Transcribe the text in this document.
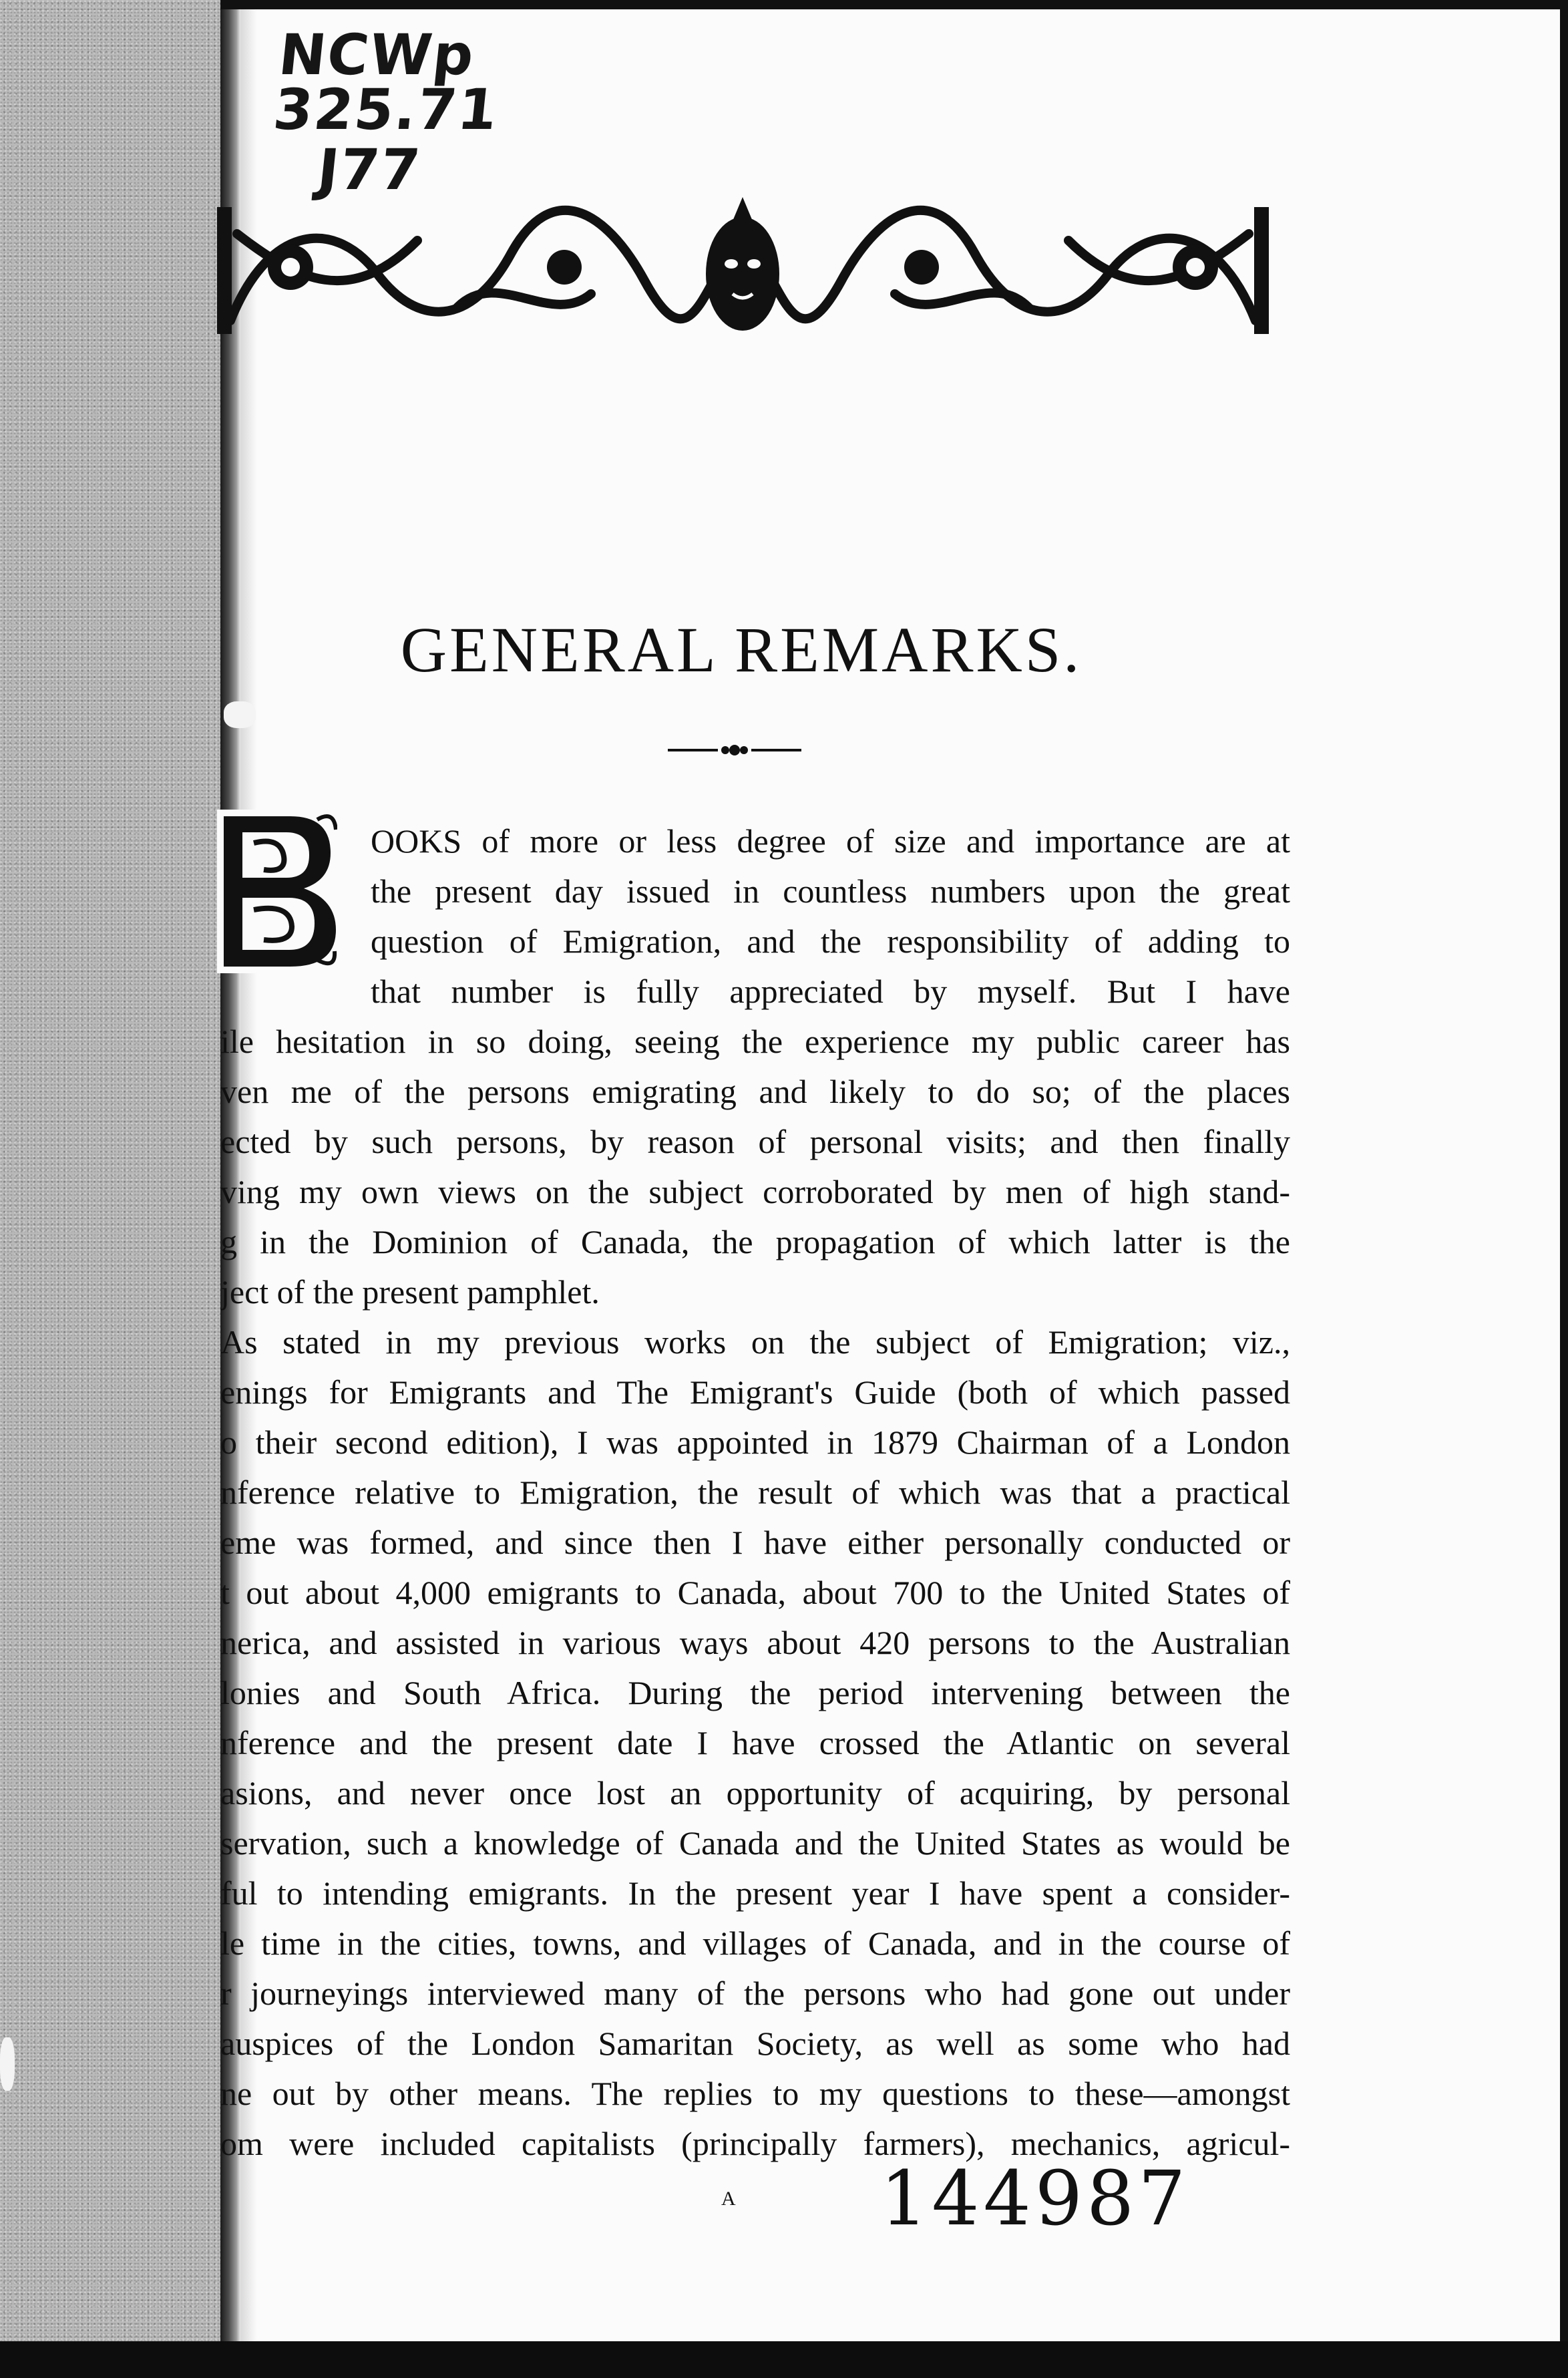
NCWp
325.71
J77
GENERAL REMARKS.
OOKS of more or less degree of size and importance are at
the present day issued in countless numbers upon the great
question of Emigration, and the responsibility of adding to
that number is fully appreciated by myself. But I have
ile hesitation in so doing, seeing the experience my public career has
ven me of the persons emigrating and likely to do so; of the places
ected by such persons, by reason of personal visits; and then finally
ving my own views on the subject corroborated by men of high stand-
g in the Dominion of Canada, the propagation of which latter is the
ject of the present pamphlet.
As stated in my previous works on the subject of Emigration; viz.,
enings for Emigrants and The Emigrant's Guide (both of which passed
o their second edition), I was appointed in 1879 Chairman of a London
nference relative to Emigration, the result of which was that a practical
eme was formed, and since then I have either personally conducted or
t out about 4,000 emigrants to Canada, about 700 to the United States of
nerica, and assisted in various ways about 420 persons to the Australian
lonies and South Africa. During the period intervening between the
nference and the present date I have crossed the Atlantic on several
asions, and never once lost an opportunity of acquiring, by personal
servation, such a knowledge of Canada and the United States as would be
ful to intending emigrants. In the present year I have spent a consider-
le time in the cities, towns, and villages of Canada, and in the course of
r journeyings interviewed many of the persons who had gone out under
auspices of the London Samaritan Society, as well as some who had
ne out by other means. The replies to my questions to these—amongst
om were included capitalists (principally farmers), mechanics, agricul-
A 144987
